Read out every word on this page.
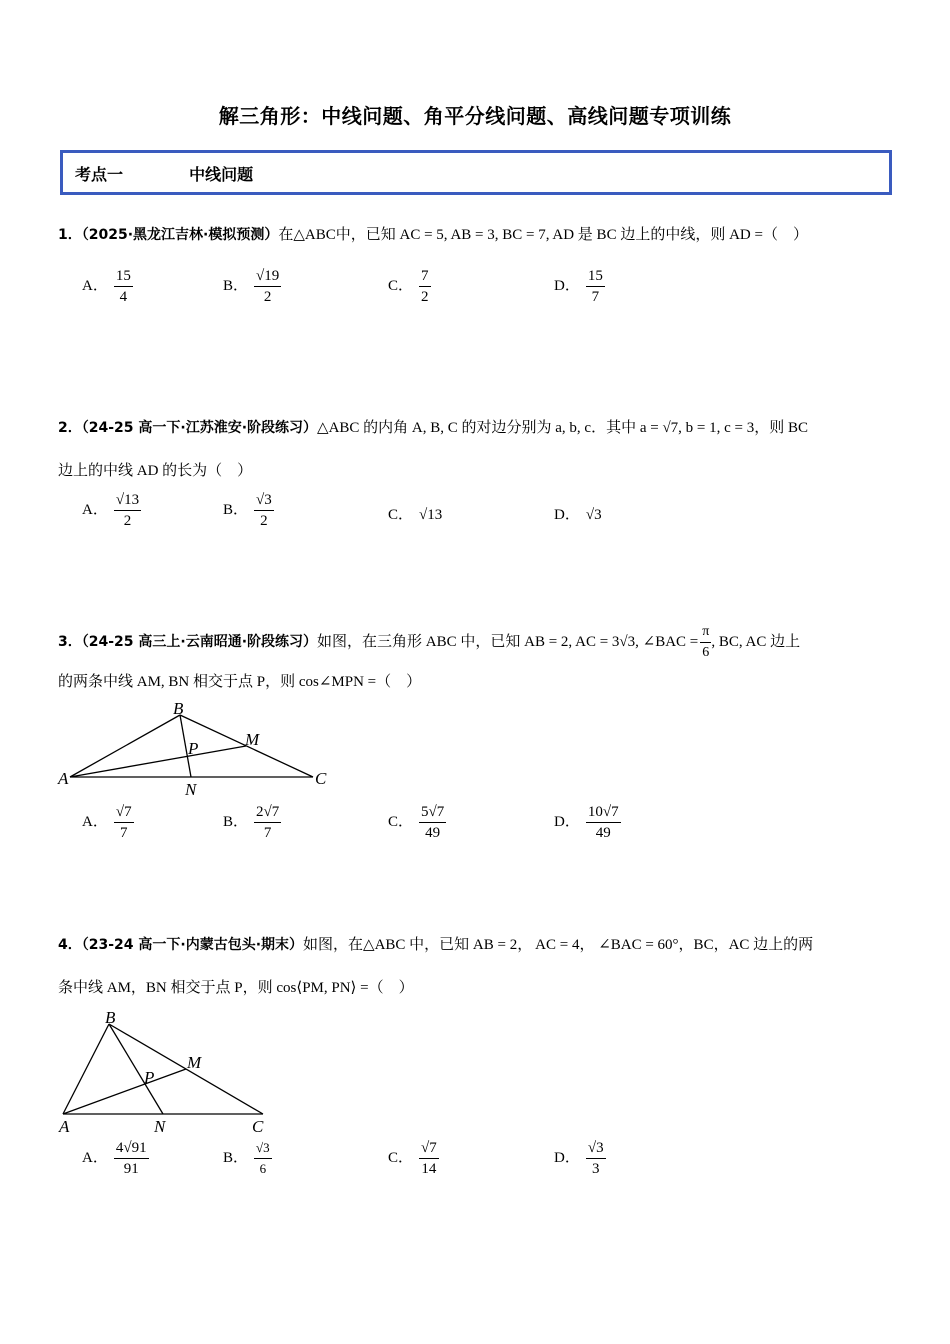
解三角形：中线问题、角平分线问题、高线问题专项训练
考点一	中线问题
1．（2025·黑龙江吉林·模拟预测）在△ABC中，已知 AC = 5, AB = 3, BC = 7, AD 是 BC 边上的中线，则 AD =（　）
A． $\frac{15}{4}$	B． $\frac{√19}{2}$	C． $\frac{7}{2}$	D． $\frac{15}{7}$
2．（24-25 高一下·江苏淮安·阶段练习）△ABC 的内角 A, B, C 的对边分别为 a, b, c．其中 a = √7, b = 1, c = 3，则 BC
边上的中线 AD 的长为（　）
A． $\frac{√13}{2}$	B． $\frac{√3}{2}$	C． √13	D． √3
3．（24-25 高三上·云南昭通·阶段练习）如图，在三角形 ABC 中，已知 AB = 2, AC = 3√3, ∠BAC = $\frac{\pi}{6}$ , BC, AC 边上
的两条中线 AM, BN 相交于点 P，则 cos∠MPN =（　）
B
P	M
A
N
C
A． $\frac{√7}{7}$	B． $\frac{2√7}{7}$	C． $\frac{5√7}{49}$	D． $\frac{10√7}{49}$
4．（23-24 高一下·内蒙古包头·期末）如图，在△ABC 中，已知 AB = 2， AC = 4， ∠BAC = 60°，BC，AC 边上的两
条中线 AM，BN 相交于点 P，则 cos⟨PM, PN⟩ =（　）
B
M
P
A	N	C
A． $\frac{4√91}{91}$	B． $\frac{√3}{6}$	C． $\frac{√7}{14}$	D． $\frac{√3}{3}$
